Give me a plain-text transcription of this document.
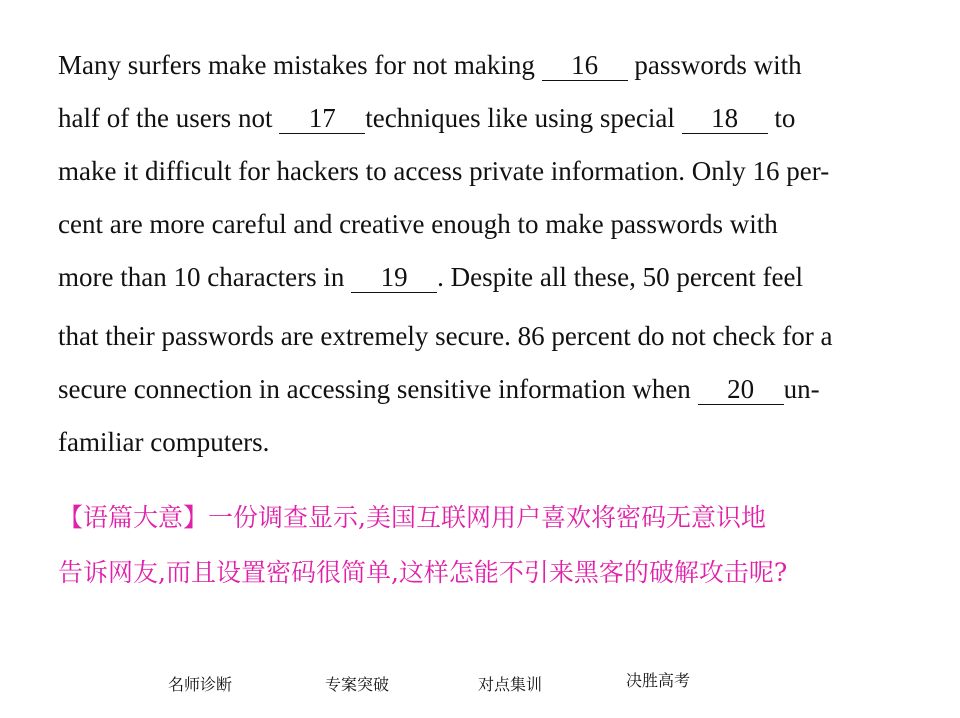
Many surfers make mistakes for not making 16 passwords with
half of the users not 17 techniques like using special 18 to
make it difficult for hackers to access private information. Only 16 per-
cent are more careful and creative enough to make passwords with
more than 10 characters in 19 . Despite all these, 50 percent feel
that their passwords are extremely secure. 86 percent do not check for a
secure connection in accessing sensitive information when 20 un-
familiar computers.
【语篇大意】一份调查显示,美国互联网用户喜欢将密码无意识地
告诉网友,而且设置密码很简单,这样怎能不引来黑客的破解攻击呢?
名师诊断	专案突破	对点集训	决胜高考
